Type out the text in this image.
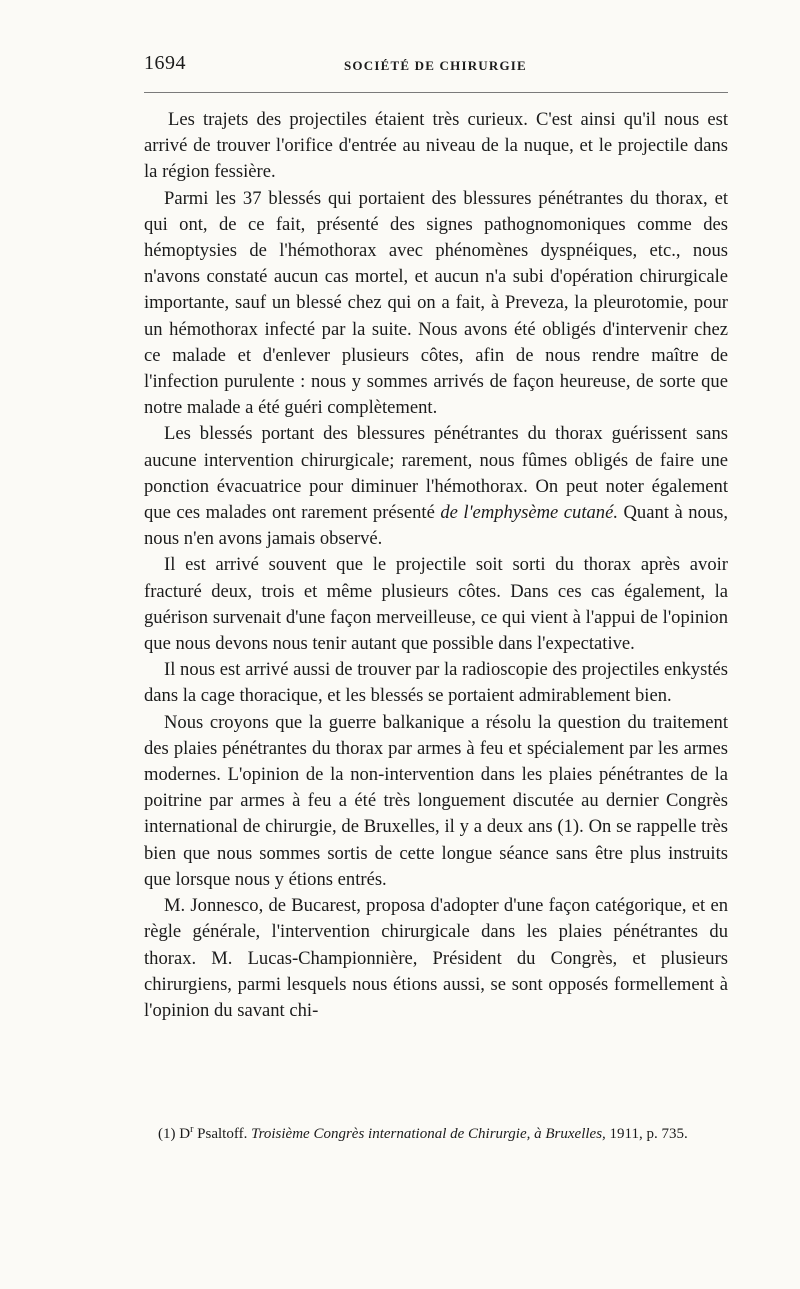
1694	SOCIÉTÉ DE CHIRURGIE

Les trajets des projectiles étaient très curieux. C'est ainsi qu'il nous est arrivé de trouver l'orifice d'entrée au niveau de la nuque, et le projectile dans la région fessière.

Parmi les 37 blessés qui portaient des blessures pénétrantes du thorax, et qui ont, de ce fait, présenté des signes pathognomoniques comme des hémoptysies de l'hémothorax avec phénomènes dyspnéiques, etc., nous n'avons constaté aucun cas mortel, et aucun n'a subi d'opération chirurgicale importante, sauf un blessé chez qui on a fait, à Preveza, la pleurotomie, pour un hémothorax infecté par la suite. Nous avons été obligés d'intervenir chez ce malade et d'enlever plusieurs côtes, afin de nous rendre maître de l'infection purulente : nous y sommes arrivés de façon heureuse, de sorte que notre malade a été guéri complètement.

Les blessés portant des blessures pénétrantes du thorax guérissent sans aucune intervention chirurgicale; rarement, nous fûmes obligés de faire une ponction évacuatrice pour diminuer l'hémothorax. On peut noter également que ces malades ont rarement présenté de l'emphysème cutané. Quant à nous, nous n'en avons jamais observé.

Il est arrivé souvent que le projectile soit sorti du thorax après avoir fracturé deux, trois et même plusieurs côtes. Dans ces cas également, la guérison survenait d'une façon merveilleuse, ce qui vient à l'appui de l'opinion que nous devons nous tenir autant que possible dans l'expectative.

Il nous est arrivé aussi de trouver par la radioscopie des projectiles enkystés dans la cage thoracique, et les blessés se portaient admirablement bien.

Nous croyons que la guerre balkanique a résolu la question du traitement des plaies pénétrantes du thorax par armes à feu et spécialement par les armes modernes. L'opinion de la non-intervention dans les plaies pénétrantes de la poitrine par armes à feu a été très longuement discutée au dernier Congrès international de chirurgie, de Bruxelles, il y a deux ans (1). On se rappelle très bien que nous sommes sortis de cette longue séance sans être plus instruits que lorsque nous y étions entrés.

M. Jonnesco, de Bucarest, proposa d'adopter d'une façon catégorique, et en règle générale, l'intervention chirurgicale dans les plaies pénétrantes du thorax. M. Lucas-Championnière, Président du Congrès, et plusieurs chirurgiens, parmi lesquels nous étions aussi, se sont opposés formellement à l'opinion du savant chi-

(1) $D^r$ Psaltoff. Troisième Congrès international de Chirurgie, à Bruxelles, 1911, p. 735.
